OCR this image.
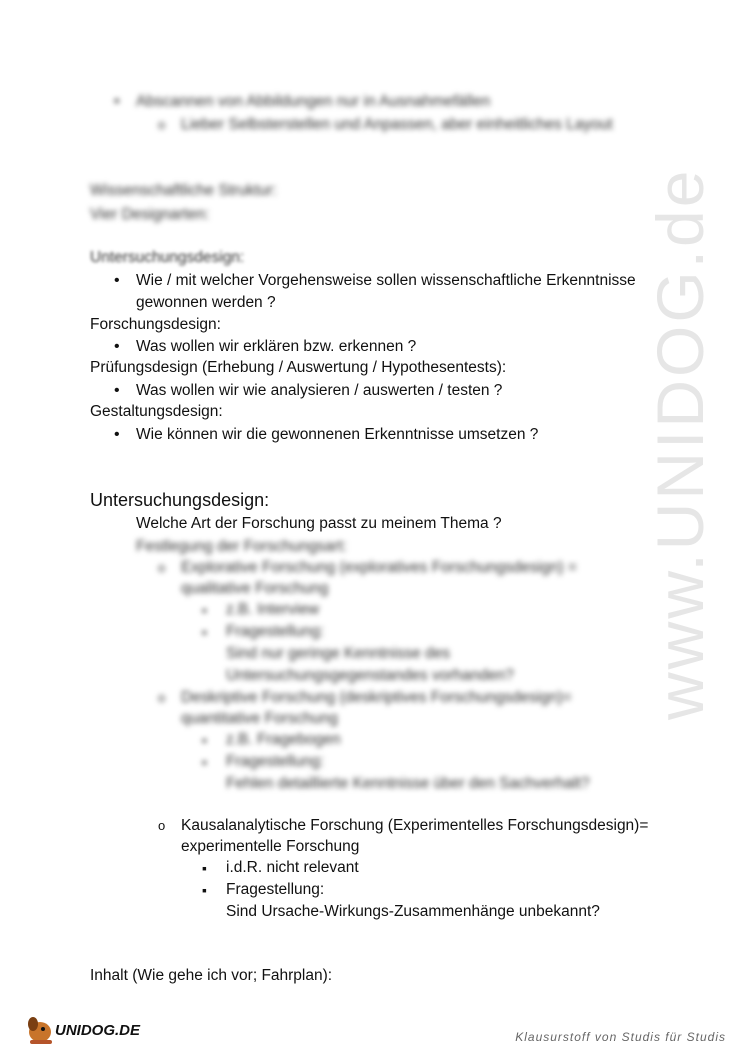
www.UNIDOG.de
• Abscannen von Abbildungen nur in Ausnahmefällen
o Lieber Selbsterstellen und Anpassen, aber einheitliches Layout
Wissenschaftliche Struktur:
Vier Designarten:
Untersuchungsdesign:
• Wie / mit welcher Vorgehensweise sollen wissenschaftliche Erkenntnisse
gewonnen werden ?
Forschungsdesign:
• Was wollen wir erklären bzw. erkennen ?
Prüfungsdesign (Erhebung / Auswertung / Hypothesentests):
• Was wollen wir wie analysieren / auswerten / testen ?
Gestaltungsdesign:
• Wie können wir die gewonnenen Erkenntnisse umsetzen ?
Untersuchungsdesign:
Welche Art der Forschung passt zu meinem Thema ?
Festlegung der Forschungsart:
o Explorative Forschung (exploratives Forschungsdesign) =
qualitative Forschung
▪ z.B. Interview
▪ Fragestellung:
Sind nur geringe Kenntnisse des
Untersuchungsgegenstandes vorhanden?
o Deskriptive Forschung (deskriptives Forschungsdesign)=
quantitative Forschung
▪ z.B. Fragebogen
▪ Fragestellung:
Fehlen detaillierte Kenntnisse über den Sachverhalt?
o Kausalanalytische Forschung (Experimentelles Forschungsdesign)=
experimentelle Forschung
▪ i.d.R. nicht relevant
▪ Fragestellung:
Sind Ursache-Wirkungs-Zusammenhänge unbekannt?
Inhalt (Wie gehe ich vor; Fahrplan):
UNIDOG.DE	Klausurstoff von Studis für Studis
